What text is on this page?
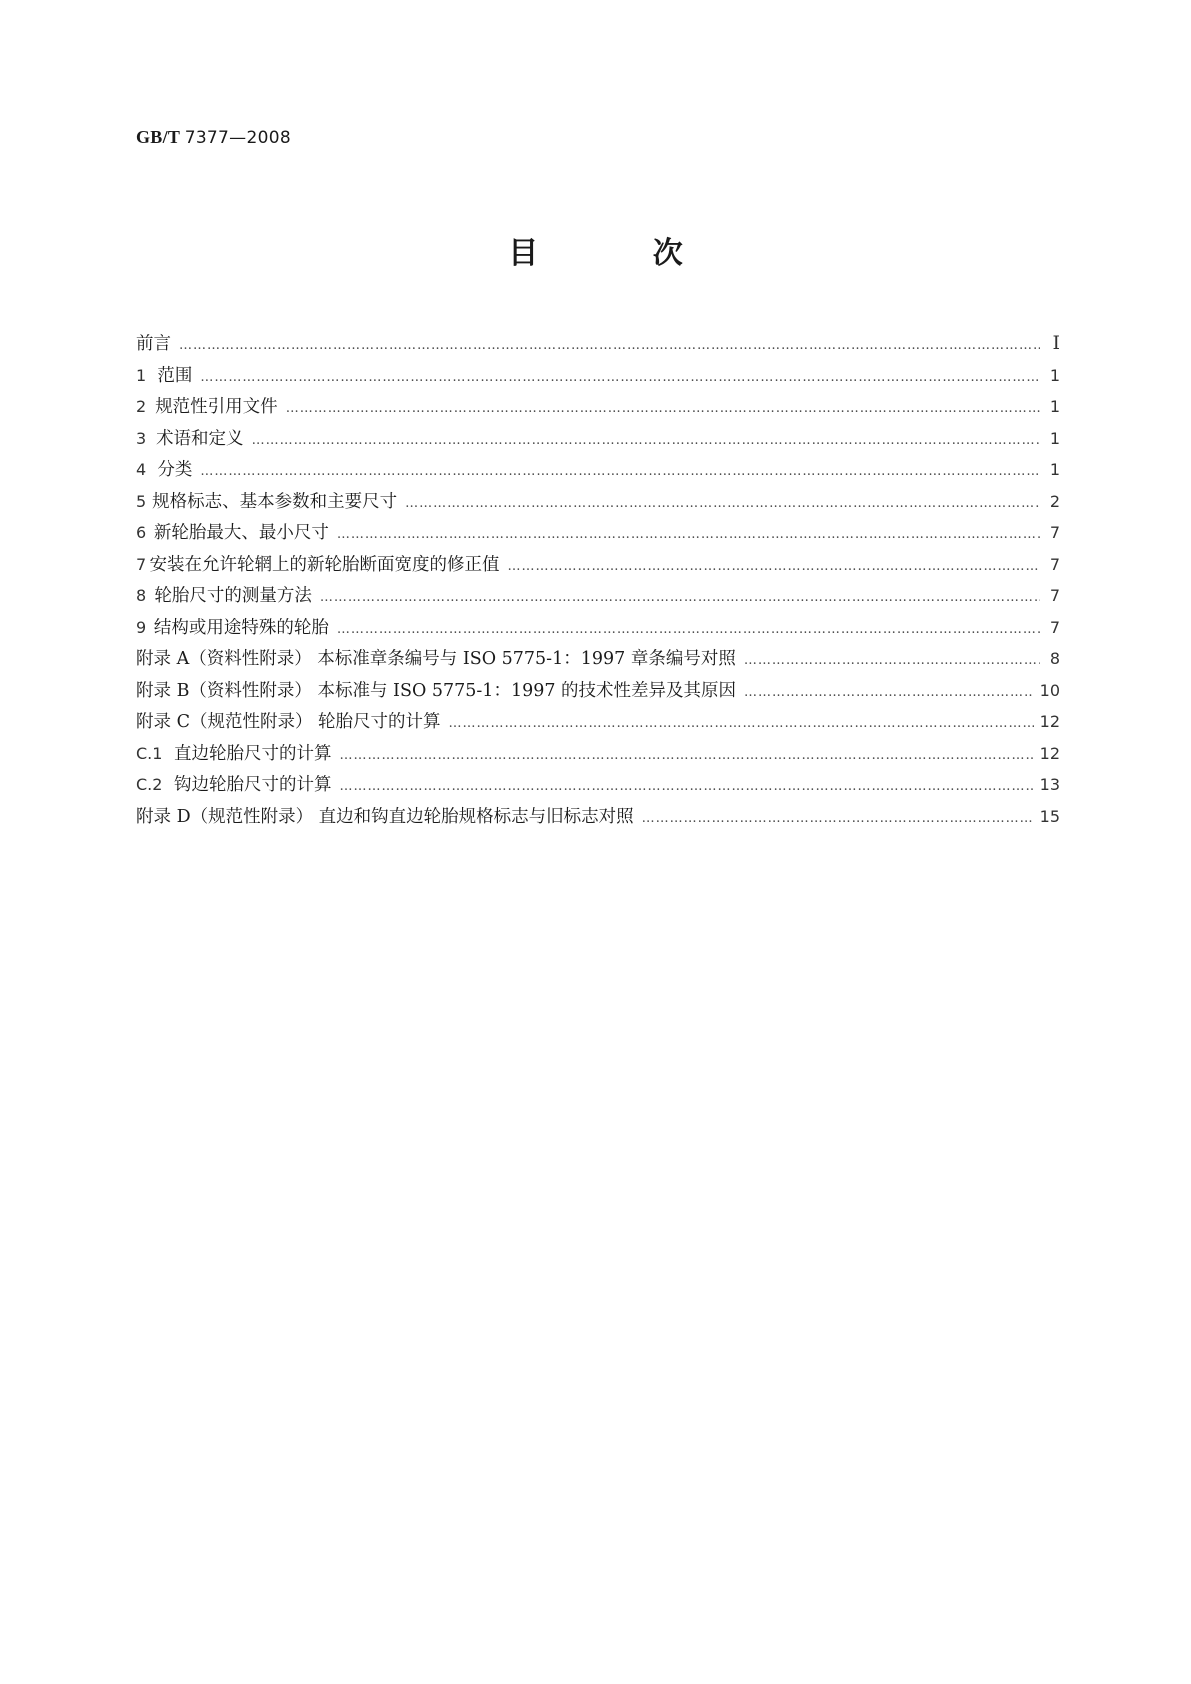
GB/T 7377—2008
目 次
前言 …………………………………………………………………………………………………………………………………………………………………………………………………	Ⅰ
1 范围 …………………………………………………………………………………………………………………………………………………………………………………………………	1
2 规范性引用文件 …………………………………………………………………………………………………………………………………………………………………………………………………	1
3 术语和定义 …………………………………………………………………………………………………………………………………………………………………………………………………	1
4 分类 …………………………………………………………………………………………………………………………………………………………………………………………………	1
5 规格标志、基本参数和主要尺寸 …………………………………………………………………………………………………………………………………………………………………………………………………	2
6 新轮胎最大、最小尺寸 …………………………………………………………………………………………………………………………………………………………………………………………………	7
7 安装在允许轮辋上的新轮胎断面宽度的修正值 …………………………………………………………………………………………………………………………………………………………………………………………………	7
8 轮胎尺寸的测量方法 …………………………………………………………………………………………………………………………………………………………………………………………………	7
9 结构或用途特殊的轮胎 …………………………………………………………………………………………………………………………………………………………………………………………………	7
附录 A（资料性附录） 本标准章条编号与 ISO 5775-1：1997 章条编号对照 …………………………………………………………………………………………………………………………………………………………………………………………………	8
附录 B（资料性附录） 本标准与 ISO 5775-1：1997 的技术性差异及其原因 …………………………………………………………………………………………………………………………………………………………………………………………………	10
附录 C（规范性附录） 轮胎尺寸的计算 …………………………………………………………………………………………………………………………………………………………………………………………………	12
C.1 直边轮胎尺寸的计算 …………………………………………………………………………………………………………………………………………………………………………………………………	12
C.2 钩边轮胎尺寸的计算 …………………………………………………………………………………………………………………………………………………………………………………………………	13
附录 D（规范性附录） 直边和钩直边轮胎规格标志与旧标志对照 …………………………………………………………………………………………………………………………………………………………………………………………………	15
